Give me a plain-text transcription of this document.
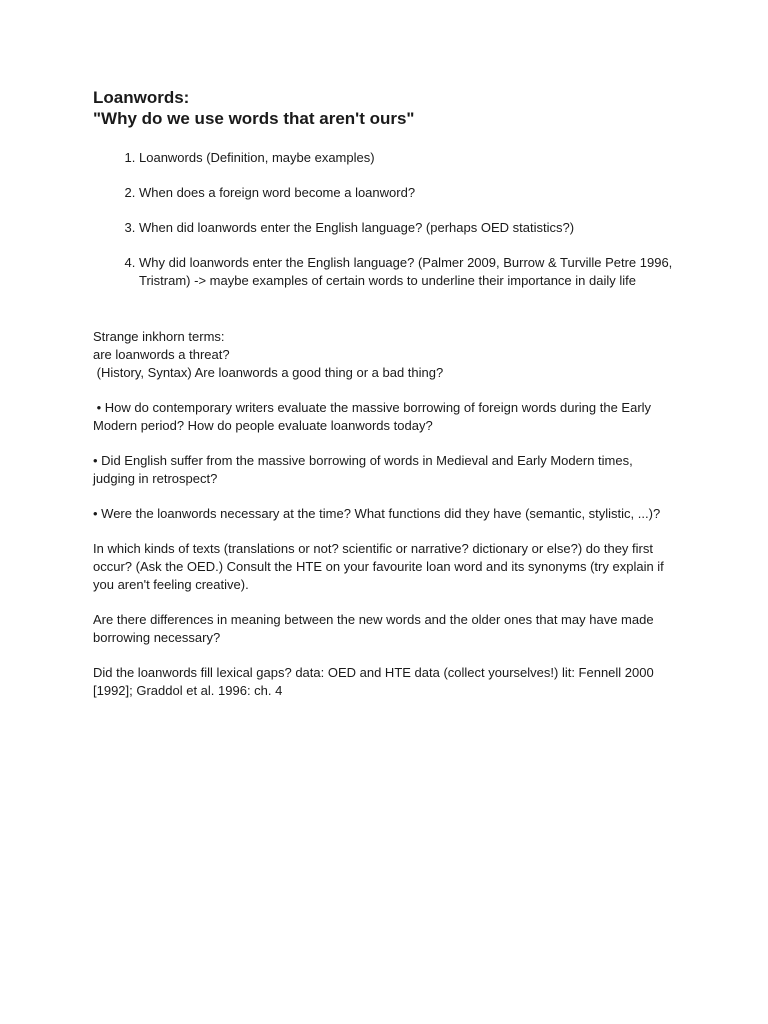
Loanwords:
"Why do we use words that aren't ours"
1. Loanwords (Definition, maybe examples)
2. When does a foreign word become a loanword?
3. When did loanwords enter the English language? (perhaps OED statistics?)
4. Why did loanwords enter the English language? (Palmer 2009, Burrow & Turville Petre 1996, Tristram) -> maybe examples of certain words to underline their importance in daily life

Strange inkhorn terms:
are loanwords a threat?
(History, Syntax) Are loanwords a good thing or a bad thing?

• How do contemporary writers evaluate the massive borrowing of foreign words during the Early Modern period? How do people evaluate loanwords today?

• Did English suffer from the massive borrowing of words in Medieval and Early Modern times, judging in retrospect?

• Were the loanwords necessary at the time? What functions did they have (semantic, stylistic, ...)?

In which kinds of texts (translations or not? scientific or narrative? dictionary or else?) do they first occur? (Ask the OED.) Consult the HTE on your favourite loan word and its synonyms (try explain if you aren't feeling creative).

Are there differences in meaning between the new words and the older ones that may have made borrowing necessary?

Did the loanwords fill lexical gaps? data: OED and HTE data (collect yourselves!) lit: Fennell 2000 [1992]; Graddol et al. 1996: ch. 4
